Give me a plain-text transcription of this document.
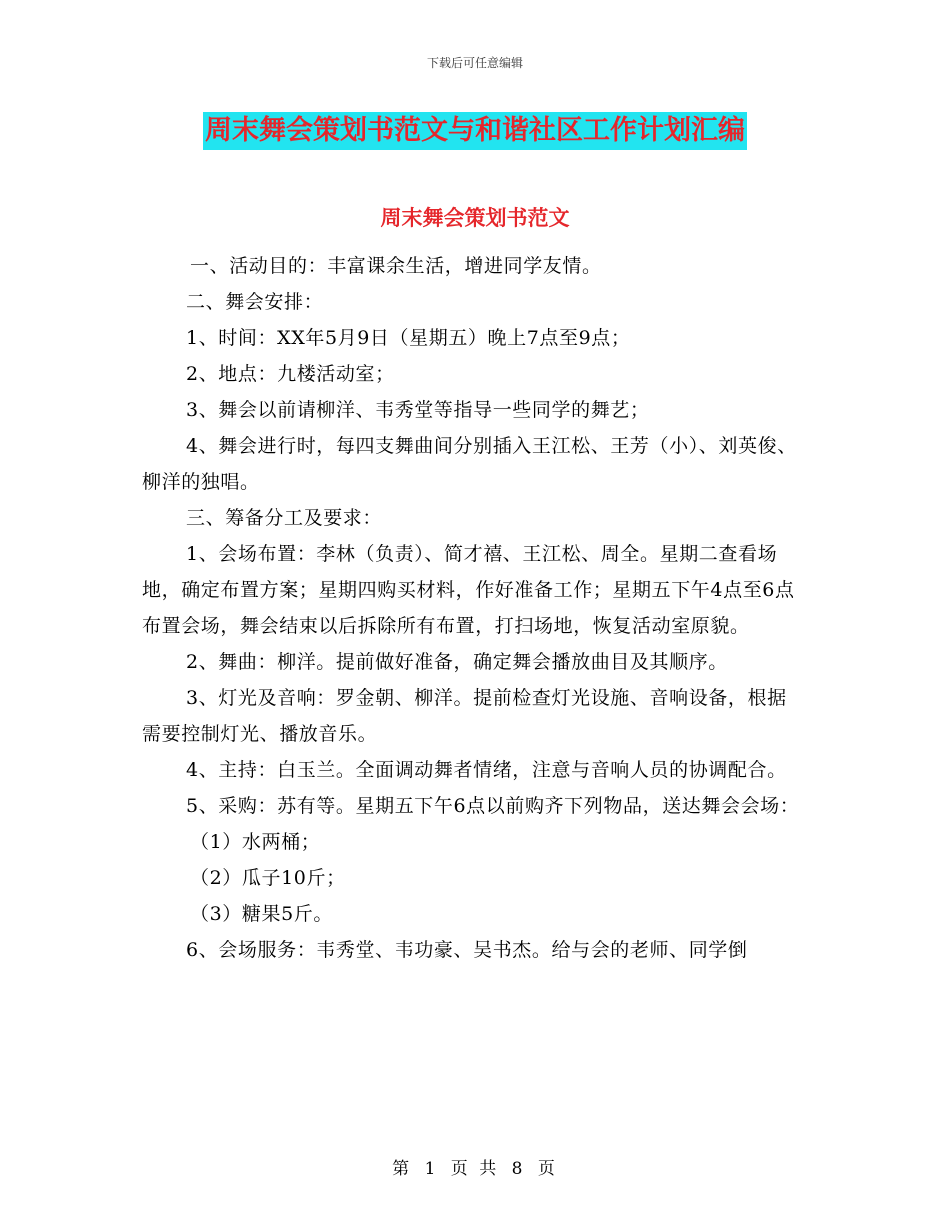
下载后可任意编辑
周末舞会策划书范文与和谐社区工作计划汇编
周末舞会策划书范文

一、活动目的：丰富课余生活，增进同学友情。

二、舞会安排：

1、时间：XX年5月9日（星期五）晚上7点至9点；

2、地点：九楼活动室；

3、舞会以前请柳洋、韦秀堂等指导一些同学的舞艺；

4、舞会进行时，每四支舞曲间分别插入王江松、王芳（小）、刘英俊、柳洋的独唱。

三、筹备分工及要求：

1、会场布置：李林（负责）、简才禧、王江松、周全。星期二查看场地，确定布置方案；星期四购买材料，作好准备工作；星期五下午4点至6点布置会场，舞会结束以后拆除所有布置，打扫场地，恢复活动室原貌。

2、舞曲：柳洋。提前做好准备，确定舞会播放曲目及其顺序。

3、灯光及音响：罗金朝、柳洋。提前检查灯光设施、音响设备，根据需要控制灯光、播放音乐。

4、主持：白玉兰。全面调动舞者情绪，注意与音响人员的协调配合。

5、采购：苏有等。星期五下午6点以前购齐下列物品，送达舞会会场：

（1）水两桶；

（2）瓜子10斤；

（3）糖果5斤。

6、会场服务：韦秀堂、韦功豪、吴书杰。给与会的老师、同学倒

第 1 页 共 8 页
